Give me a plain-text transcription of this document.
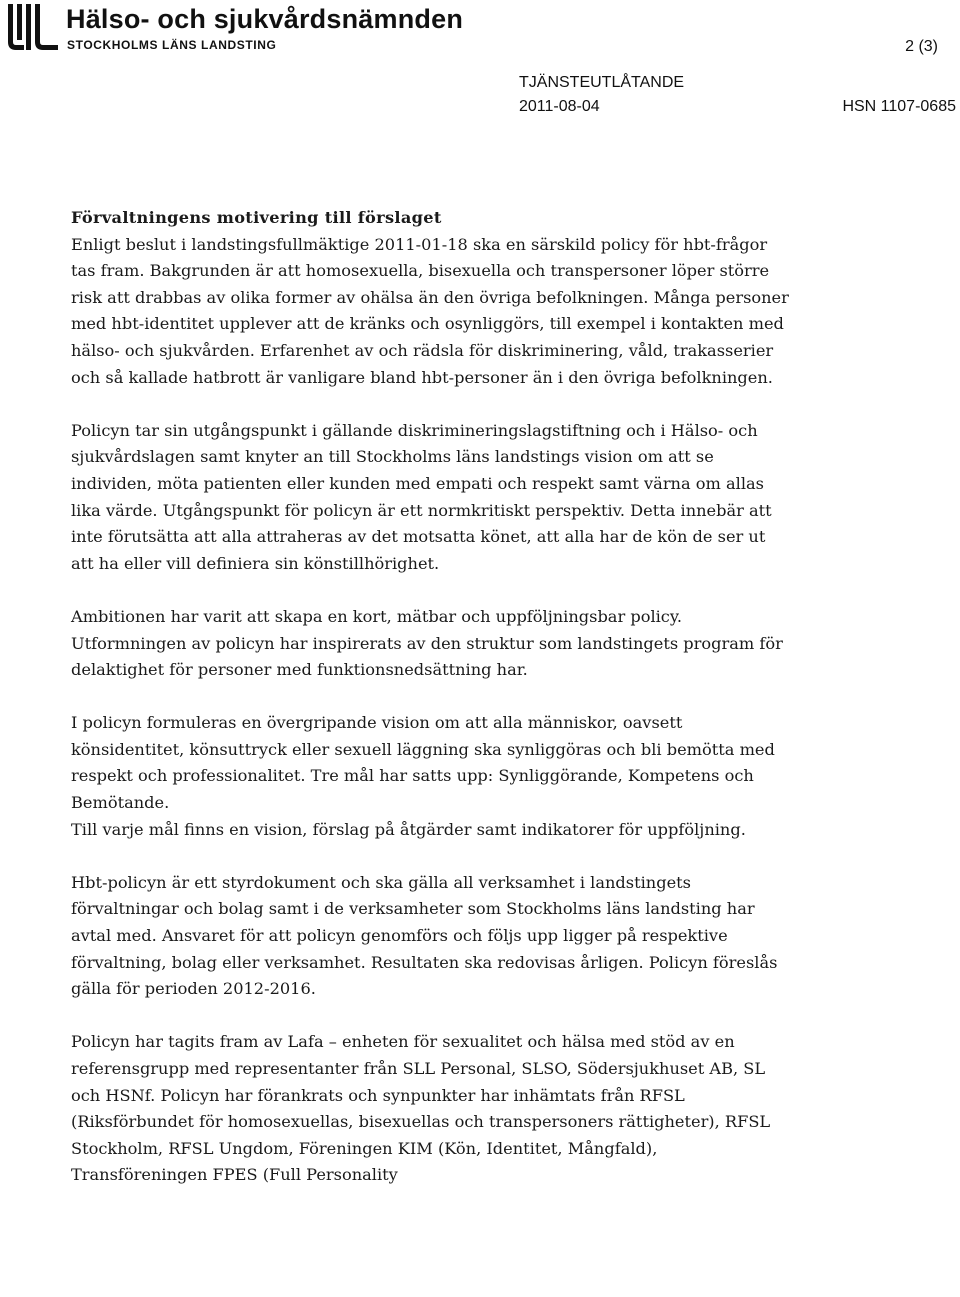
Hälso- och sjukvårdsnämnden
STOCKHOLMS LÄNS LANDSTING	2 (3)
TJÄNSTEUTLÅTANDE
2011-08-04	HSN 1107-0685

Förvaltningens motivering till förslaget

Enligt beslut i landstingsfullmäktige 2011-01-18 ska en särskild policy för hbt-frågor tas fram. Bakgrunden är att homosexuella, bisexuella och transpersoner löper större risk att drabbas av olika former av ohälsa än den övriga befolkningen. Många personer med hbt-identitet upplever att de kränks och osynliggörs, till exempel i kontakten med hälso- och sjukvården. Erfarenhet av och rädsla för diskriminering, våld, trakasserier och så kallade hatbrott är vanligare bland hbt-personer än i den övriga befolkningen.

Policyn tar sin utgångspunkt i gällande diskrimineringslagstiftning och i Hälso- och sjukvårdslagen samt knyter an till Stockholms läns landstings vision om att se individen, möta patienten eller kunden med empati och respekt samt värna om allas lika värde. Utgångspunkt för policyn är ett normkritiskt perspektiv. Detta innebär att inte förutsätta att alla attraheras av det motsatta könet, att alla har de kön de ser ut att ha eller vill definiera sin könstillhörighet.

Ambitionen har varit att skapa en kort, mätbar och uppföljningsbar policy. Utformningen av policyn har inspirerats av den struktur som landstingets program för delaktighet för personer med funktionsnedsättning har.

I policyn formuleras en övergripande vision om att alla människor, oavsett könsidentitet, könsuttryck eller sexuell läggning ska synliggöras och bli bemötta med respekt och professionalitet. Tre mål har satts upp: Synliggörande, Kompetens och Bemötande.

Till varje mål finns en vision, förslag på åtgärder samt indikatorer för uppföljning.

Hbt-policyn är ett styrdokument och ska gälla all verksamhet i landstingets förvaltningar och bolag samt i de verksamheter som Stockholms läns landsting har avtal med. Ansvaret för att policyn genomförs och följs upp ligger på respektive förvaltning, bolag eller verksamhet. Resultaten ska redovisas årligen. Policyn föreslås gälla för perioden 2012-2016.

Policyn har tagits fram av Lafa – enheten för sexualitet och hälsa med stöd av en referensgrupp med representanter från SLL Personal, SLSO, Södersjukhuset AB, SL och HSNf. Policyn har förankrats och synpunkter har inhämtats från RFSL (Riksförbundet för homosexuellas, bisexuellas och transpersoners rättigheter), RFSL Stockholm, RFSL Ungdom, Föreningen KIM (Kön, Identitet, Mångfald), Transföreningen FPES (Full Personality
